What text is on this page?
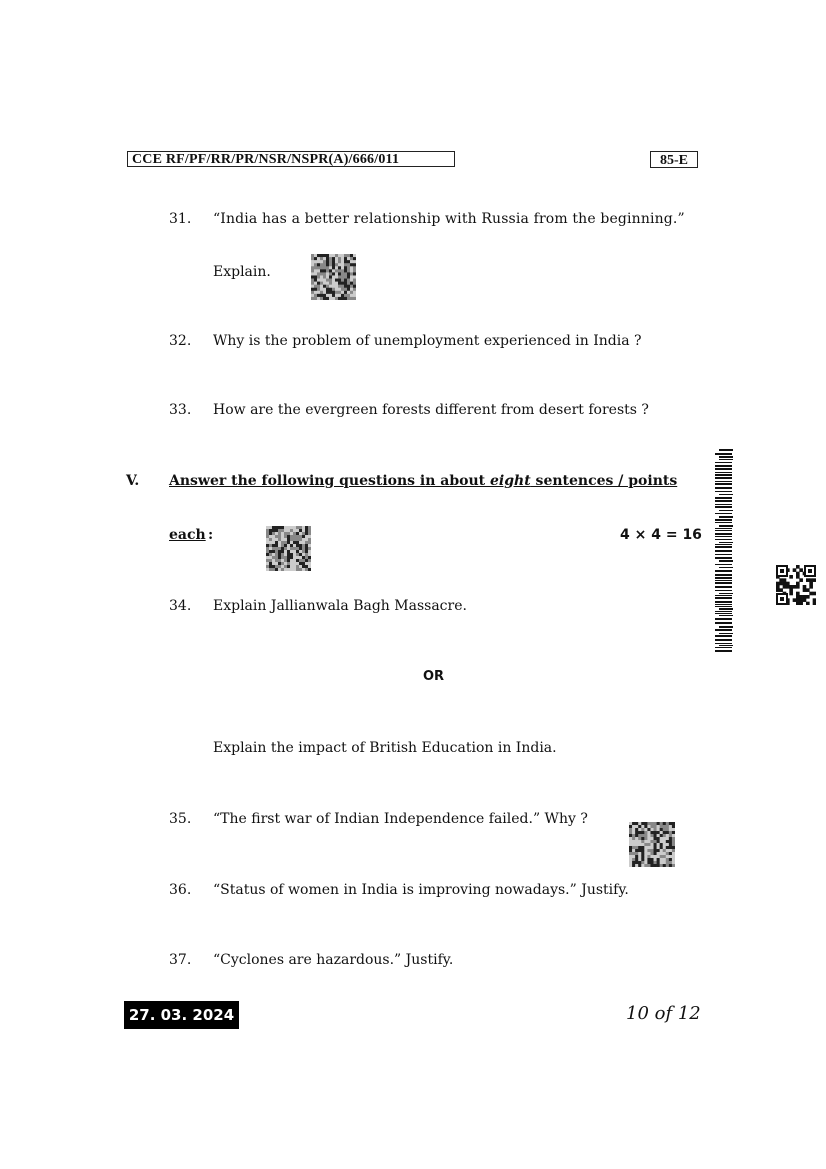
CCE RF/PF/RR/PR/NSR/NSPR(A)/666/011	85-E
31.	“India has a better relationship with Russia from the beginning.”
Explain.
32.	Why is the problem of unemployment experienced in India ?
33.	How are the evergreen forests different from desert forests ?
V. Answer the following questions in about eight sentences / points
each :	4 × 4 = 16
34.	Explain Jallianwala Bagh Massacre.
OR
Explain the impact of British Education in India.
35.	“The first war of Indian Independence failed.” Why ?
36.	“Status of women in India is improving nowadays.” Justify.
37.	“Cyclones are hazardous.” Justify.
27. 03. 2024	10 of 12
